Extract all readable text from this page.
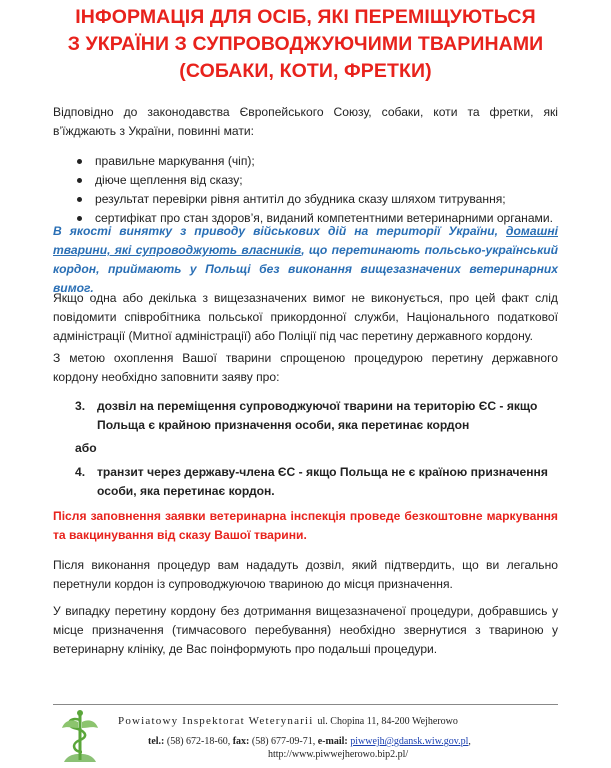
ІНФОРМАЦІЯ ДЛЯ ОСІБ, ЯКІ ПЕРЕМІЩУЮТЬСЯ
З УКРАЇНИ З СУПРОВОДЖУЮЧИМИ ТВАРИНАМИ
(СОБАКИ, КОТИ, ФРЕТКИ)
Відповідно до законодавства Європейського Союзу, собаки, коти та фретки, які в’їжджають з України, повинні мати:
правильне маркування (чіп);
діюче щеплення від сказу;
результат перевірки рівня антитіл до збудника сказу шляхом титрування;
сертифікат про стан здоров’я, виданий компетентними ветеринарними органами.
В якості винятку з приводу військових дій на території України, домашні тварини, які супроводжують власників, що перетинають польсько-український кордон, приймають у Польщі без виконання вищезазначених ветеринарних вимог.
Якщо одна або декілька з вищезазначених вимог не виконується, про цей факт слід повідомити співробітника польської прикордонної служби, Національного податкової адміністрації (Митної адміністрації) або Поліції під час перетину державного кордону.
З метою охоплення Вашої тварини спрощеною процедурою перетину державного кордону необхідно заповнити заяву про:
3. дозвіл на переміщення супроводжуючої тварини на територію ЄС - якщо Польща є крайною призначення особи, яка перетинає кордон
або
4. транзит через державу-члена ЄС - якщо Польща не є країною призначення особи, яка перетинає кордон.
Після заповнення заявки ветеринарна інспекція проведе безкоштовне маркування та вакцинування від сказу Вашої тварини.
Після виконання процедур вам нададуть дозвіл, який підтвердить, що ви легально перетнули кордон із супроводжуючою твариною до місця призначення.
У випадку перетину кордону без дотримання вищезазначеної процедури, добравшись у місце призначення (тимчасового перебування) необхідно звернутися з твариною у ветеринарну клініку, де Вас поінформують про подальші процедури.
Powiatowy Inspektorat Weterynarii ul. Chopina 11, 84-200 Wejherowo
tel.: (58) 672-18-60, fax: (58) 677-09-71, e-mail: piwwejh@gdansk.wiw.gov.pl,
http://www.piwwejherowo.bip2.pl/
